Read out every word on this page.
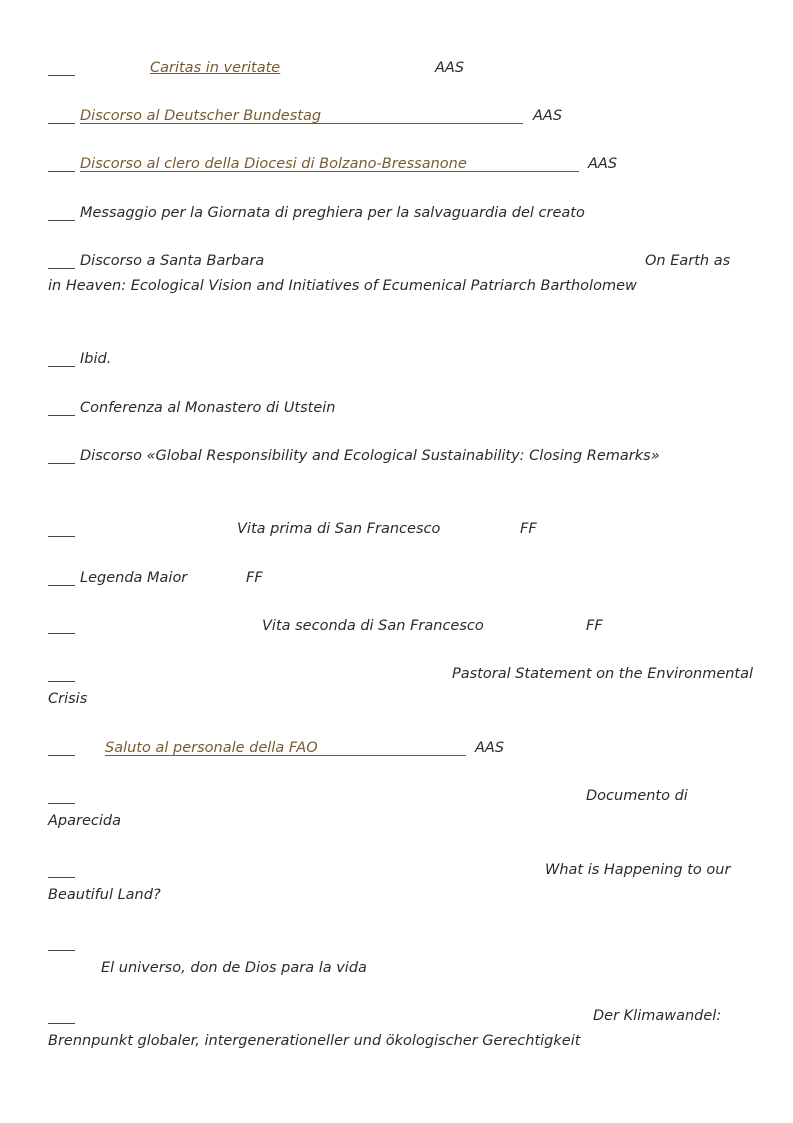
Caritas in veritate	AAS
Discorso al Deutscher Bundestag	AAS
Discorso al clero della Diocesi di Bolzano-Bressanone	AAS
Messaggio per la Giornata di preghiera per la salvaguardia del creato
Discorso a Santa Barbara	On Earth as
in Heaven: Ecological Vision and Initiatives of Ecumenical Patriarch Bartholomew
Ibid.
Conferenza al Monastero di Utstein
Discorso «Global Responsibility and Ecological Sustainability: Closing Remarks»
Vita prima di San Francesco	FF
Legenda Maior	FF
Vita seconda di San Francesco	FF
Pastoral Statement on the Environmental
Crisis
Saluto al personale della FAO	AAS
Documento di
Aparecida
What is Happening to our
Beautiful Land?
El universo, don de Dios para la vida
Der Klimawandel:
Brennpunkt globaler, intergenerationeller und ökologischer Gerechtigkeit
